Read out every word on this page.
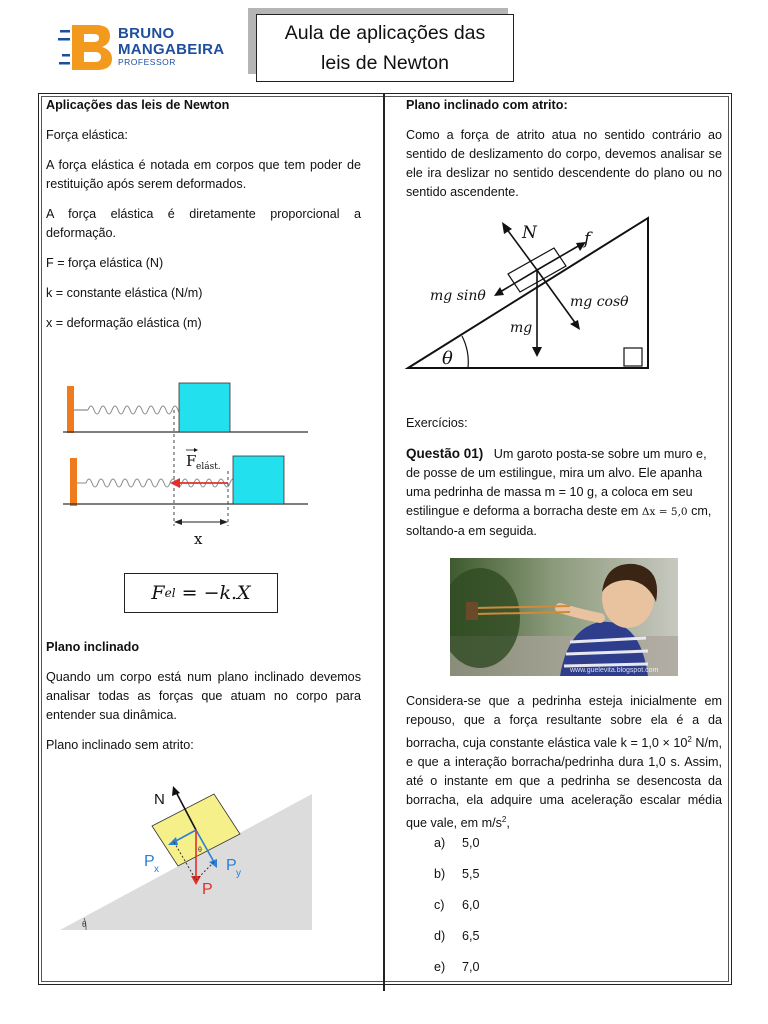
BRUNO
MANGABEIRA
PROFESSOR
Aula de aplicações das
leis de Newton

Aplicações das leis de Newton

Força elástica:

A força elástica é notada em corpos que tem poder de restituição após serem deformados.

A força elástica é diretamente proporcional a deformação.

F = força elástica (N)

k = constante elástica (N/m)

x = deformação elástica (m)

F elást.
x
F el
= −k.X

Plano inclinado

Quando um corpo está num plano inclinado devemos analisar todas as forças que atuam no corpo para entender sua dinâmica.

Plano inclinado sem atrito:

θ
N
P x	P y
P
θ

Plano inclinado com atrito:

Como a força de atrito atua no sentido contrário ao sentido de deslizamento do corpo, devemos analisar se ele ira deslizar no sentido descendente do plano ou no sentido ascendente.

θ
N	f
mg sinθ	mg cosθ
mg

Exercícios:

Questão 01) Um garoto posta-se sobre um muro e, de posse de um estilingue, mira um alvo. Ele apanha uma pedrinha de massa m = 10 g, a coloca em seu estilingue e deforma a borracha deste em Δx = 5,0 cm, soltando-a em seguida.

www.guelevita.blogspot.com
Considera-se que a pedrinha esteja inicialmente em repouso, que a força resultante sobre ela é a da borracha, cuja constante elástica vale $k = 1,0 \times 10^2$ N/m, e que a interação borracha/pedrinha dura 1,0 s. Assim, até o instante em que a pedrinha se desencosta da borracha, ela adquire uma aceleração escalar média que vale, em $m/s^2$,
a) 5,0
b) 5,5
c) 6,0
d) 6,5
e) 7,0
